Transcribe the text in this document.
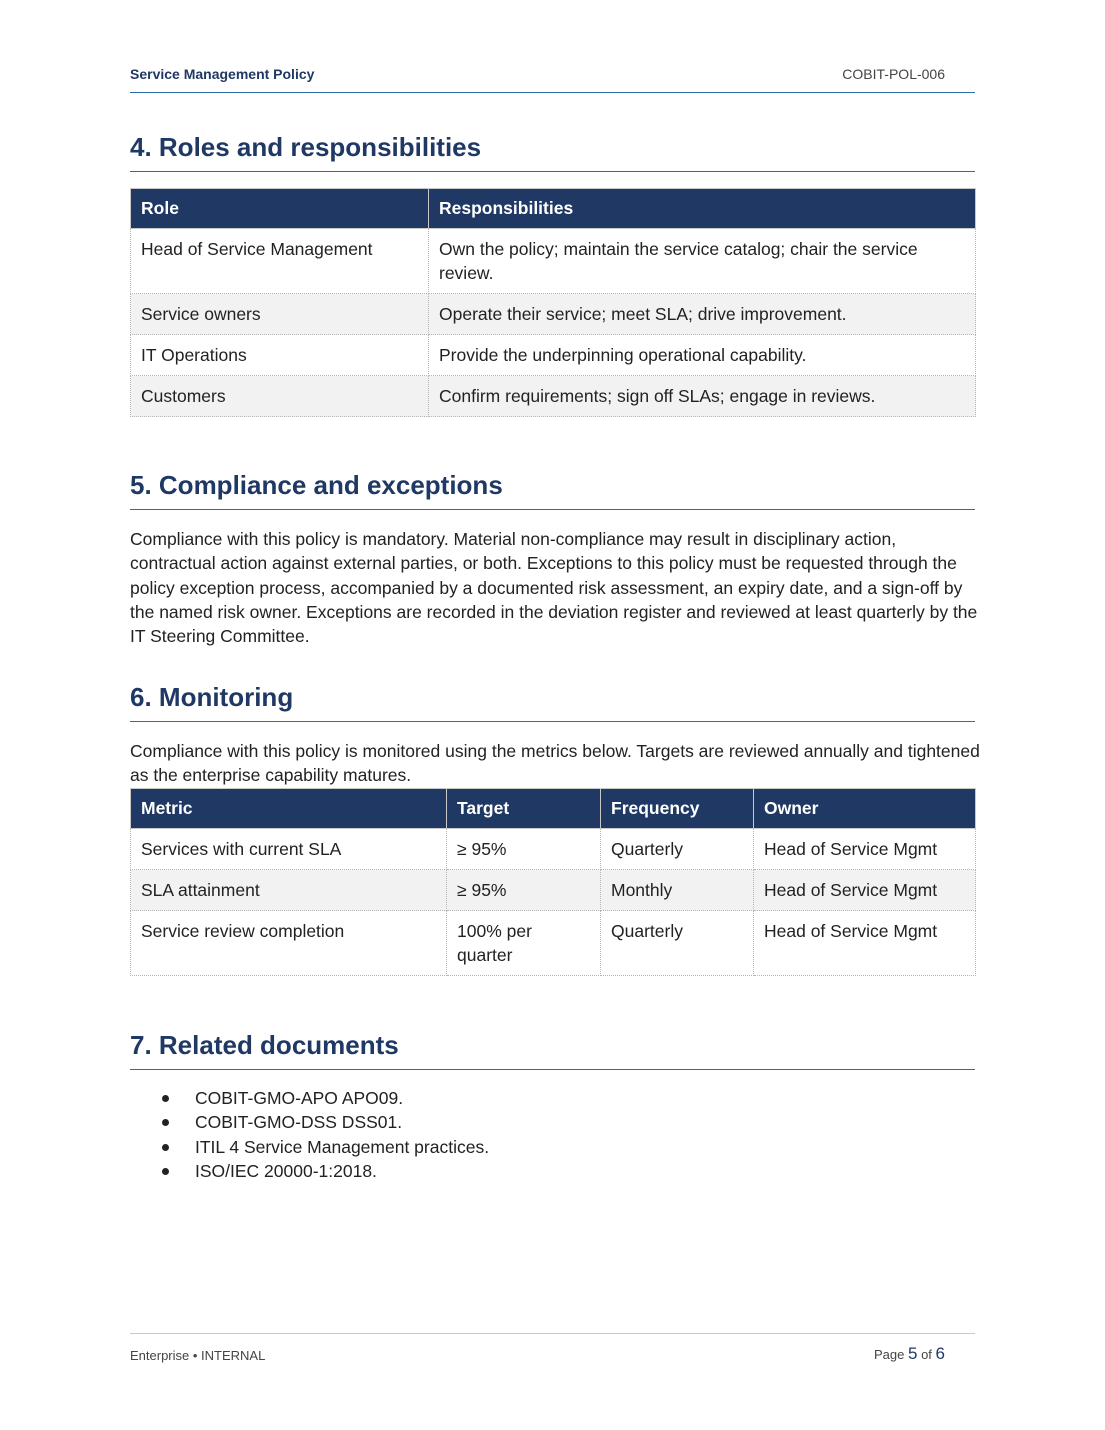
Service Management Policy	COBIT-POL-006
4. Roles and responsibilities
Role	Responsibilities
Head of Service Management	Own the policy; maintain the service catalog; chair the service review.
Service owners	Operate their service; meet SLA; drive improvement.
IT Operations	Provide the underpinning operational capability.
Customers	Confirm requirements; sign off SLAs; engage in reviews.
5. Compliance and exceptions

Compliance with this policy is mandatory. Material non-compliance may result in disciplinary action, contractual action against external parties, or both. Exceptions to this policy must be requested through the policy exception process, accompanied by a documented risk assessment, an expiry date, and a sign-off by the named risk owner. Exceptions are recorded in the deviation register and reviewed at least quarterly by the IT Steering Committee.

6. Monitoring

Compliance with this policy is monitored using the metrics below. Targets are reviewed annually and tightened as the enterprise capability matures.

Metric	Target	Frequency	Owner
Services with current SLA	≥ 95%	Quarterly	Head of Service Mgmt
SLA attainment	≥ 95%	Monthly	Head of Service Mgmt
Service review completion	100% per quarter	Quarterly	Head of Service Mgmt
7. Related documents
COBIT-GMO-APO APO09.
COBIT-GMO-DSS DSS01.
ITIL 4 Service Management practices.
ISO/IEC 20000-1:2018.
Enterprise • INTERNAL	Page 5 of 6
